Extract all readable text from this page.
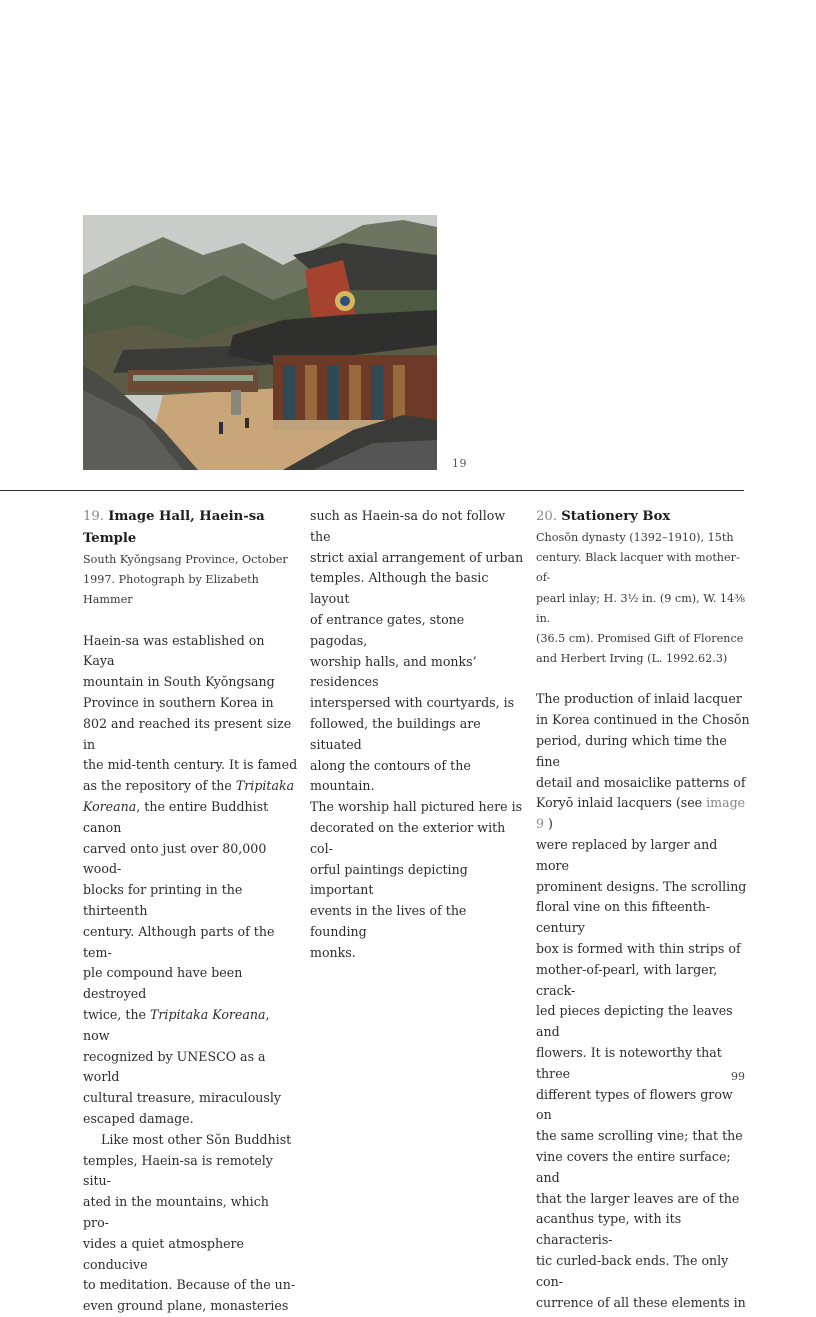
19

19. Image Hall, Haein-sa Temple

South Kyŏngsang Province, October

1997. Photograph by Elizabeth

Hammer

Haein-sa was established on Kaya

mountain in South Kyŏngsang

Province in southern Korea in

802 and reached its present size in

the mid-tenth century. It is famed

as the repository of the Tripitaka

Koreana, the entire Buddhist canon

carved onto just over 80,000 wood-

blocks for printing in the thirteenth

century. Although parts of the tem-

ple compound have been destroyed

twice, the Tripitaka Koreana, now

recognized by UNESCO as a world

cultural treasure, miraculously

escaped damage.

Like most other Sŏn Buddhist

temples, Haein-sa is remotely situ-

ated in the mountains, which pro-

vides a quiet atmosphere conducive

to meditation. Because of the un-

even ground plane, monasteries

such as Haein-sa do not follow the

strict axial arrangement of urban

temples. Although the basic layout

of entrance gates, stone pagodas,

worship halls, and monks’ residences

interspersed with courtyards, is

followed, the buildings are situated

along the contours of the mountain.

The worship hall pictured here is

decorated on the exterior with col-

orful paintings depicting important

events in the lives of the founding

monks.

20. Stationery Box

Chosŏn dynasty (1392–1910), 15th

century. Black lacquer with mother-of-

pearl inlay; H. 3½ in. (9 cm), W. 14⅜ in.

(36.5 cm). Promised Gift of Florence

and Herbert Irving (L. 1992.62.3)

The production of inlaid lacquer

in Korea continued in the Chosŏn

period, during which time the fine

detail and mosaiclike patterns of

Koryŏ inlaid lacquers (see image 9 )

were replaced by larger and more

prominent designs. The scrolling

floral vine on this fifteenth-century

box is formed with thin strips of

mother-of-pearl, with larger, crack-

led pieces depicting the leaves and

flowers. It is noteworthy that three

different types of flowers grow on

the same scrolling vine; that the

vine covers the entire surface; and

that the larger leaves are of the

acanthus type, with its characteris-

tic curled-back ends. The only con-

currence of all these elements in

99
